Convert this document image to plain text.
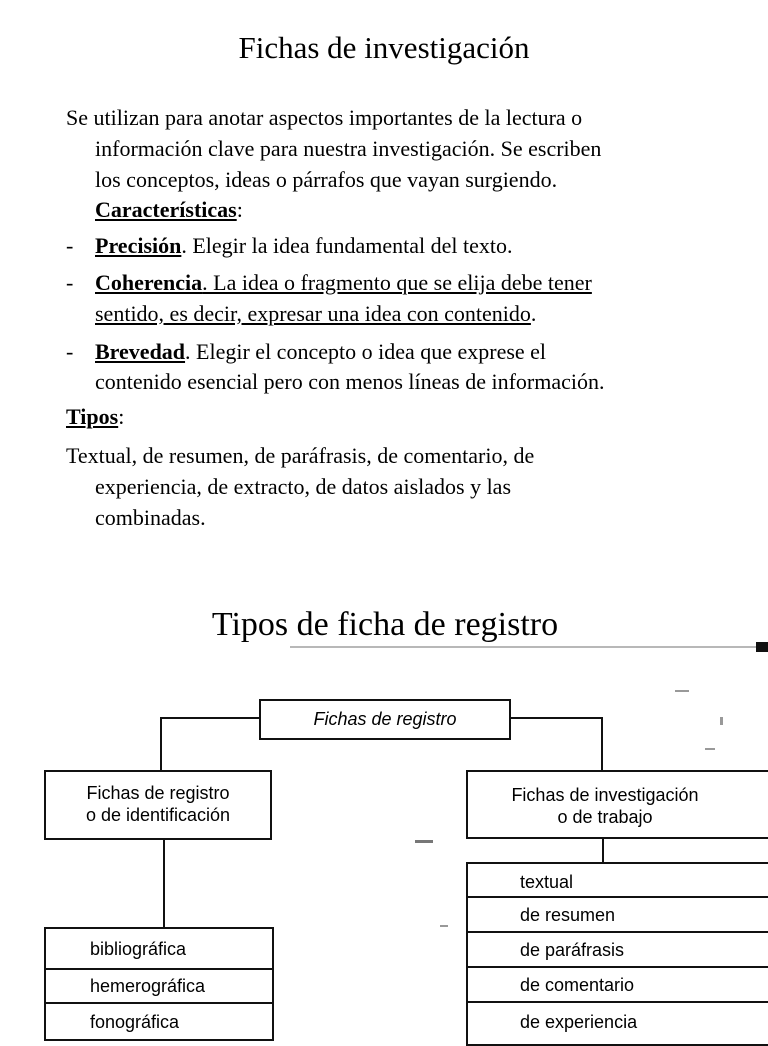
Fichas de investigación
Se utilizan para anotar aspectos importantes de la lectura o
información clave para nuestra investigación. Se escriben
los conceptos, ideas o párrafos que vayan surgiendo.
Características:
- Precisión. Elegir la idea fundamental del texto.
- Coherencia. La idea o fragmento que se elija debe tener
sentido, es decir, expresar una idea con contenido.
- Brevedad. Elegir el concepto o idea que exprese el
contenido esencial pero con menos líneas de información.
Tipos:
Textual, de resumen, de paráfrasis, de comentario, de
experiencia, de extracto, de datos aislados y las
combinadas.
Tipos de ficha de registro
Fichas de registro
Fichas de registro
o de identificación
Fichas de investigación
o de trabajo
bibliográfica
hemerográfica
fonográfica
textual
de resumen
de paráfrasis
de comentario
de experiencia
